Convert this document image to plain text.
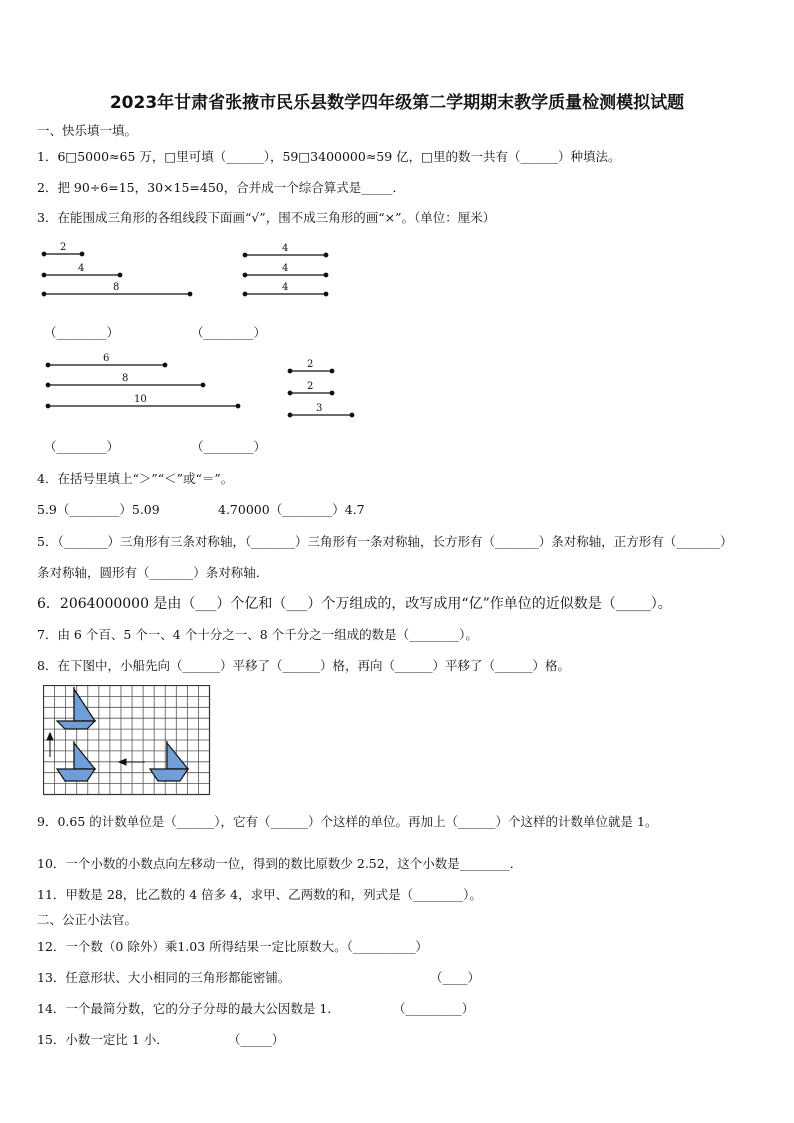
2023年甘肃省张掖市民乐县数学四年级第二学期期末教学质量检测模拟试题
一、快乐填一填。
1．6□5000≈65 万，□里可填（______），59□3400000≈59 亿，□里的数一共有（______）种填法。
2．把 90÷6=15，30×15=450，合并成一个综合算式是_____．
3．在能围成三角形的各组线段下面画“√”，围不成三角形的画“×”。（单位：厘米）
2
4
8
4
4
4
6
8
10
2
2
3
（________）	（________）
（________）	（________）
4．在括号里填上“＞”“＜”或“＝”。
5.9（________）5.09	4.70000（________）4.7
5．（_______）三角形有三条对称轴，（_______）三角形有一条对称轴，长方形有（_______）条对称轴，正方形有（_______）
条对称轴，圆形有（_______）条对称轴．
6．2064000000 是由（___）个亿和（___）个万组成的，改写成用“亿”作单位的近似数是（_____）。
7．由 6 个百、5 个一、4 个十分之一、8 个千分之一组成的数是（________）。
8．在下图中，小船先向（______）平移了（______）格，再向（______）平移了（______）格。
9．0.65 的计数单位是（______），它有（______）个这样的单位。再加上（______）个这样的计数单位就是 1。
10．一个小数的小数点向左移动一位，得到的数比原数少 2.52，这个小数是________．
11．甲数是 28，比乙数的 4 倍多 4，求甲、乙两数的和，列式是（________）。
二、公正小法官。
12．一个数（0 除外）乘1.03 所得结果一定比原数大。（__________）
13．任意形状、大小相同的三角形都能密铺。	（____）
14．一个最简分数，它的分子分母的最大公因数是 1．	（_________）
15．小数一定比 1 小．	（_____）
